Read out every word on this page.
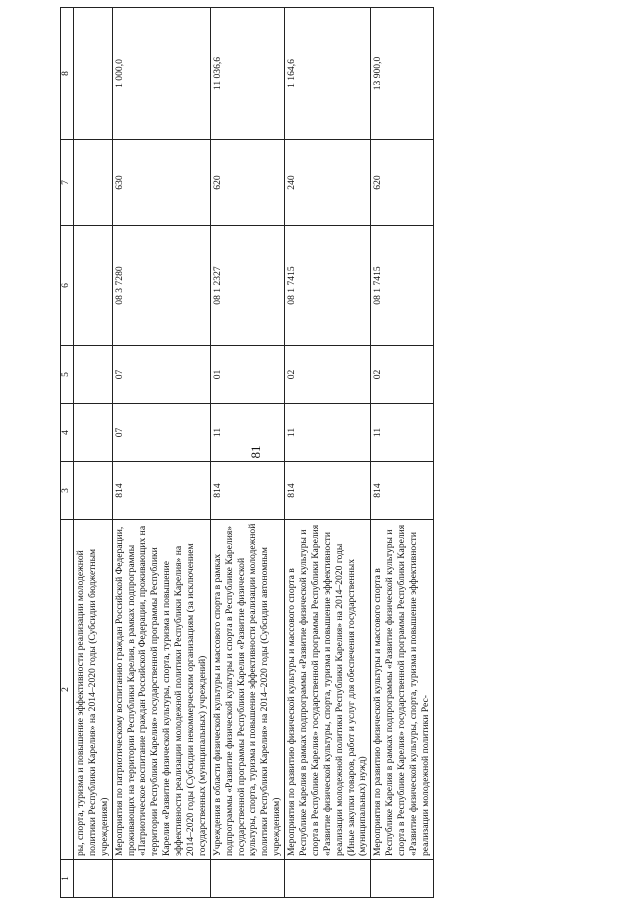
81
1	2	3	4	5	6	7	8
	ры, спорта, туризма и повышение эффективности реализации молодежной политики Республики Карелия» на 2014–2020 годы (Субсидии бюджетным учреждениям)						
	Мероприятия по патриотическому воспитанию граждан Российской Федерации, проживающих на территории Республики Карелия, в рамках подпрограммы «Патриотическое воспитание граждан Российской Федерации, проживающих на территории Республики Карелия» государственной программы Республики Карелия «Развитие физической культуры, спорта, туризма и повышение эффективности реализации молодежной политики Республики Карелия» на 2014–2020 годы (Субсидии некоммерческим организациям (за исключением государственных (муниципальных) учреждений)	814	07	07	08 3 7280	630	1 000,0
	Учреждения в области физической культуры и массового спорта в рамках подпрограммы «Развитие физической культуры и спорта в Республике Карелия» государственной программы Республики Карелия «Развитие физической культуры, спорта, туризма и повышение эффективности реализации молодежной политики Республики Карелия» на 2014–2020 годы (Субсидии автономным учреждениям)	814	11	01	08 1 2327	620	11 036,6
	Мероприятия по развитию физической культуры и массового спорта в Республике Карелия в рамках подпрограммы «Развитие физической культуры и спорта в Республике Карелия» государственной программы Республики Карелия «Развитие физической культуры, спорта, туризма и повышение эффективности реализации молодежной политики Республики Карелия» на 2014–2020 годы (Иные закупки товаров, работ и услуг для обеспечения государственных (муниципальных) нужд)	814	11	02	08 1 7415	240	1 164,6
	Мероприятия по развитию физической культуры и массового спорта в Республике Карелия в рамках подпрограммы «Развитие физической культуры и спорта в Республике Карелия» государственной программы Республики Карелия «Развитие физической культуры, спорта, туризма и повышение эффективности реализации молодежной политики Рес-	814	11	02	08 1 7415	620	13 900,0
